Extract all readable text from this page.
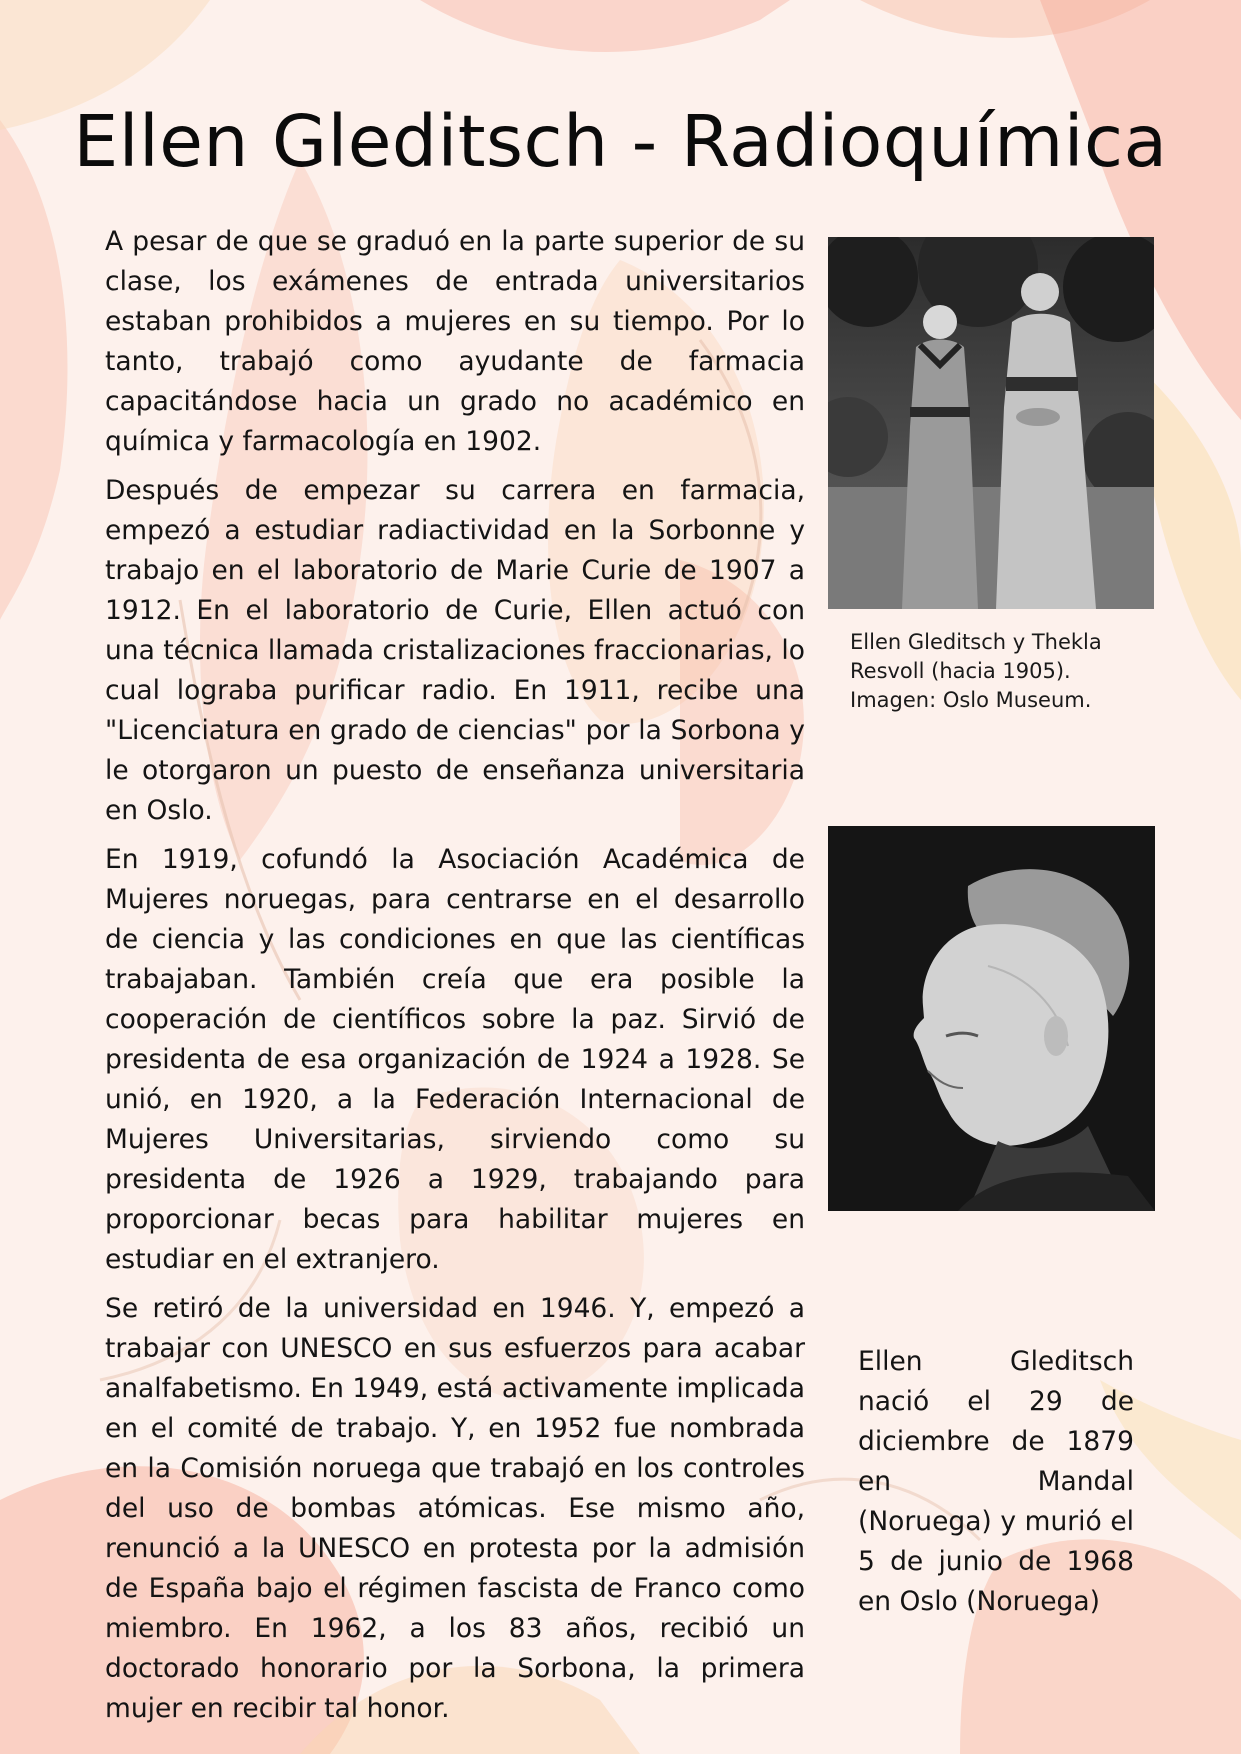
Ellen Gleditsch - Radioquímica

A pesar de que se graduó en la parte superior de su clase, los exámenes de entrada universitarios estaban prohibidos a mujeres en su tiempo. Por lo tanto, trabajó como ayudante de farmacia capacitándose hacia un grado no académico en química y farmacología en 1902.

Después de empezar su carrera en farmacia, empezó a estudiar radiactividad en la Sorbonne y trabajo en el laboratorio de Marie Curie de 1907 a 1912. En el laboratorio de Curie, Ellen actuó con una técnica llamada cristalizaciones fraccionarias, lo cual lograba purificar radio. En 1911, recibe una "Licenciatura en grado de ciencias" por la Sorbona y le otorgaron un puesto de enseñanza universitaria en Oslo.

En 1919, cofundó la Asociación Académica de Mujeres noruegas, para centrarse en el desarrollo de ciencia y las condiciones en que las científicas trabajaban. También creía que era posible la cooperación de científicos sobre la paz. Sirvió de presidenta de esa organización de 1924 a 1928. Se unió, en 1920, a la Federación Internacional de Mujeres Universitarias, sirviendo como su presidenta de 1926 a 1929, trabajando para proporcionar becas para habilitar mujeres en estudiar en el extranjero.

Se retiró de la universidad en 1946. Y, empezó a trabajar con UNESCO en sus esfuerzos para acabar analfabetismo. En 1949, está activamente implicada en el comité de trabajo. Y, en 1952 fue nombrada en la Comisión noruega que trabajó en los controles del uso de bombas atómicas. Ese mismo año, renunció a la UNESCO en protesta por la admisión de España bajo el régimen fascista de Franco como miembro. En 1962, a los 83 años, recibió un doctorado honorario por la Sorbona, la primera mujer en recibir tal honor.

Ellen Gleditsch y Thekla
Resvoll (hacia 1905).
Imagen: Oslo Museum.
Ellen Gleditsch nació el 29 de diciembre de 1879 en Mandal (Noruega) y murió el 5 de junio de 1968 en Oslo (Noruega)
